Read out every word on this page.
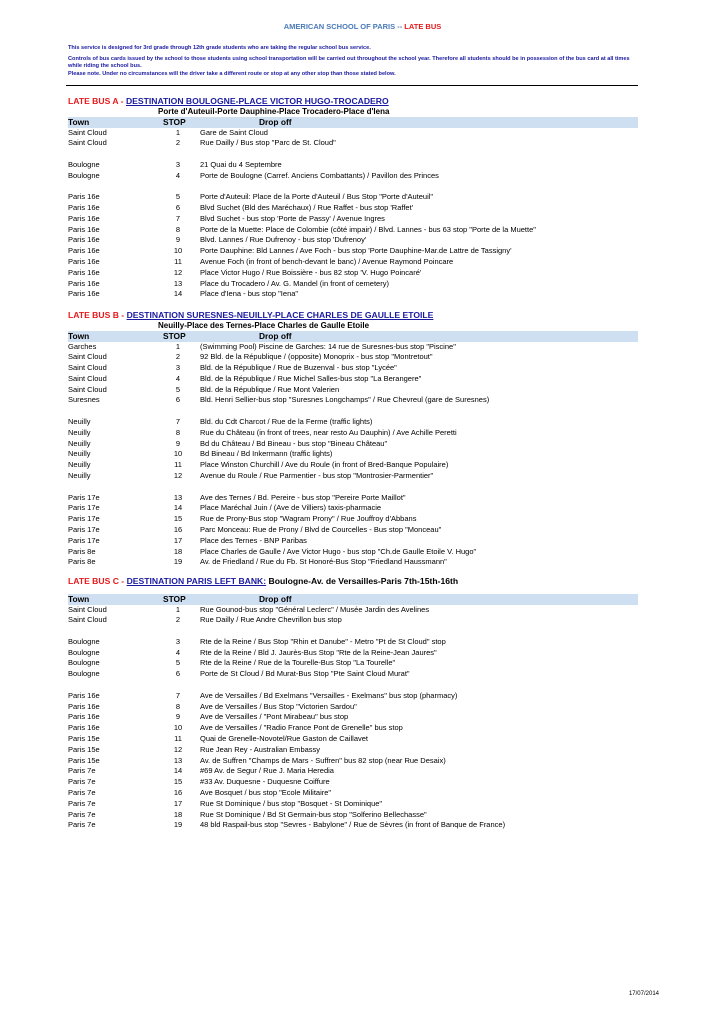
AMERICAN SCHOOL OF PARIS -- LATE BUS

This service is designed for 3rd grade through 12th grade students who are taking the regular school bus service.

Controls of bus cards issued by the school to those students using school transportation will be carried out throughout the school year. Therefore all students should be in possession of the bus card at all times while riding the school bus.

Please note. Under no circumstances will the driver take a different route or stop at any other stop than those stated below.

LATE BUS A - DESTINATION BOULOGNE-PLACE VICTOR HUGO-TROCADERO
Porte d'Auteuil-Porte Dauphine-Place Trocadero-Place d'Iena
Town	STOP	Drop off
Saint Cloud	1	Gare de Saint Cloud
Saint Cloud	2	Rue Dailly / Bus stop "Parc de St. Cloud"
Boulogne	3	21 Quai du 4 Septembre
Boulogne	4	Porte de Boulogne (Carref. Anciens Combattants) / Pavillon des Princes
Paris 16e	5	Porte d'Auteuil: Place de la Porte d'Auteuil / Bus Stop "Porte d'Auteuil"
Paris 16e	6	Blvd Suchet (Bld des Maréchaux) / Rue Raffet - bus stop 'Raffet'
Paris 16e	7	Blvd Suchet - bus stop 'Porte de Passy' / Avenue Ingres
Paris 16e	8	Porte de la Muette: Place de Colombie (côté impair) / Blvd. Lannes - bus 63 stop "Porte de la Muette"
Paris 16e	9	Blvd. Lannes / Rue Dufrenoy - bus stop 'Dufrenoy'
Paris 16e	10	Porte Dauphine: Bld Lannes / Ave Foch - bus stop 'Porte Dauphine-Mar.de Lattre de Tassigny'
Paris 16e	11	Avenue Foch (in front of bench-devant le banc) / Avenue Raymond Poincare
Paris 16e	12	Place Victor Hugo / Rue Boissière - bus 82 stop 'V. Hugo Poincaré'
Paris 16e	13	Place du Trocadero / Av. G. Mandel (in front of cemetery)
Paris 16e	14	Place d'Iena - bus stop "Iena"
LATE BUS B - DESTINATION SURESNES-NEUILLY-PLACE CHARLES DE GAULLE ETOILE
Neuilly-Place des Ternes-Place Charles de Gaulle Etoile
Town	STOP	Drop off
Garches	1	(Swimming Pool) Piscine de Garches: 14 rue de Suresnes-bus stop "Piscine"
Saint Cloud	2	92 Bld. de la République / (opposite) Monoprix - bus stop "Montretout"
Saint Cloud	3	Bld. de la République / Rue de Buzenval - bus stop "Lycée"
Saint Cloud	4	Bld. de la République / Rue Michel Salles-bus stop "La Berangere"
Saint Cloud	5	Bld. de la République / Rue Mont Valerien
Suresnes	6	Bld. Henri Sellier-bus stop "Suresnes Longchamps" / Rue Chevreul (gare de Suresnes)
Neuilly	7	Bld. du Cdt Charcot / Rue de la Ferme (traffic lights)
Neuilly	8	Rue du Château (in front of trees, near resto Au Dauphin) / Ave Achille Peretti
Neuilly	9	Bd du Château / Bd Bineau - bus stop "Bineau Château"
Neuilly	10	Bd Bineau / Bd Inkermann (traffic lights)
Neuilly	11	Place Winston Churchill / Ave du Roule (in front of Bred-Banque Populaire)
Neuilly	12	Avenue du Roule / Rue Parmentier - bus stop "Montrosier-Parmentier"
Paris 17e	13	Ave des Ternes / Bd. Pereire - bus stop "Pereire Porte Maillot"
Paris 17e	14	Place Maréchal Juin / (Ave de Villiers) taxis-pharmacie
Paris 17e	15	Rue de Prony-Bus stop "Wagram Prony" / Rue Jouffroy d'Abbans
Paris 17e	16	Parc Monceau: Rue de Prony / Blvd de Courcelles - Bus stop "Monceau"
Paris 17e	17	Place des Ternes - BNP Paribas
Paris 8e	18	Place Charles de Gaulle / Ave Victor Hugo - bus stop "Ch.de Gaulle Etoile V. Hugo"
Paris 8e	19	Av. de Friedland / Rue du Fb. St Honoré-Bus Stop "Friedland Haussmann"
LATE BUS C - DESTINATION PARIS LEFT BANK: Boulogne-Av. de Versailles-Paris 7th-15th-16th
Town	STOP	Drop off
Saint Cloud	1	Rue Gounod-bus stop "Général Leclerc" / Musée Jardin des Avelines
Saint Cloud	2	Rue Dailly / Rue Andre Chevrillon bus stop
Boulogne	3	Rte de la Reine / Bus Stop "Rhin et Danube" - Metro "Pt de St Cloud" stop
Boulogne	4	Rte de la Reine / Bld J. Jaurès-Bus Stop "Rte de la Reine-Jean Jaures"
Boulogne	5	Rte de la Reine / Rue de la Tourelle-Bus Stop "La Tourelle"
Boulogne	6	Porte de St Cloud / Bd Murat-Bus Stop "Pte Saint Cloud Murat"
Paris 16e	7	Ave de Versailles / Bd Exelmans "Versailles - Exelmans" bus stop (pharmacy)
Paris 16e	8	Ave de Versailles / Bus Stop "Victorien Sardou"
Paris 16e	9	Ave de Versailles / "Pont Mirabeau" bus stop
Paris 16e	10	Ave de Versailles / "Radio France Pont de Grenelle" bus stop
Paris 15e	11	Quai de Grenelle-Novotel/Rue Gaston de Caillavet
Paris 15e	12	Rue Jean Rey - Australian Embassy
Paris 15e	13	Av. de Suffren "Champs de Mars - Suffren" bus 82 stop (near Rue Desaix)
Paris 7e	14	#69 Av. de Segur / Rue J. Maria Heredia
Paris 7e	15	#33 Av. Duquesne - Duquesne Coiffure
Paris 7e	16	Ave Bosquet / bus stop "Ecole Militaire"
Paris 7e	17	Rue St Dominique / bus stop "Bosquet - St Dominique"
Paris 7e	18	Rue St Dominique / Bd St Germain-bus stop "Solferino Bellechasse"
Paris 7e	19	48 bld Raspail-bus stop "Sevres - Babylone" / Rue de Sèvres (in front of Banque de France)
17/07/2014
